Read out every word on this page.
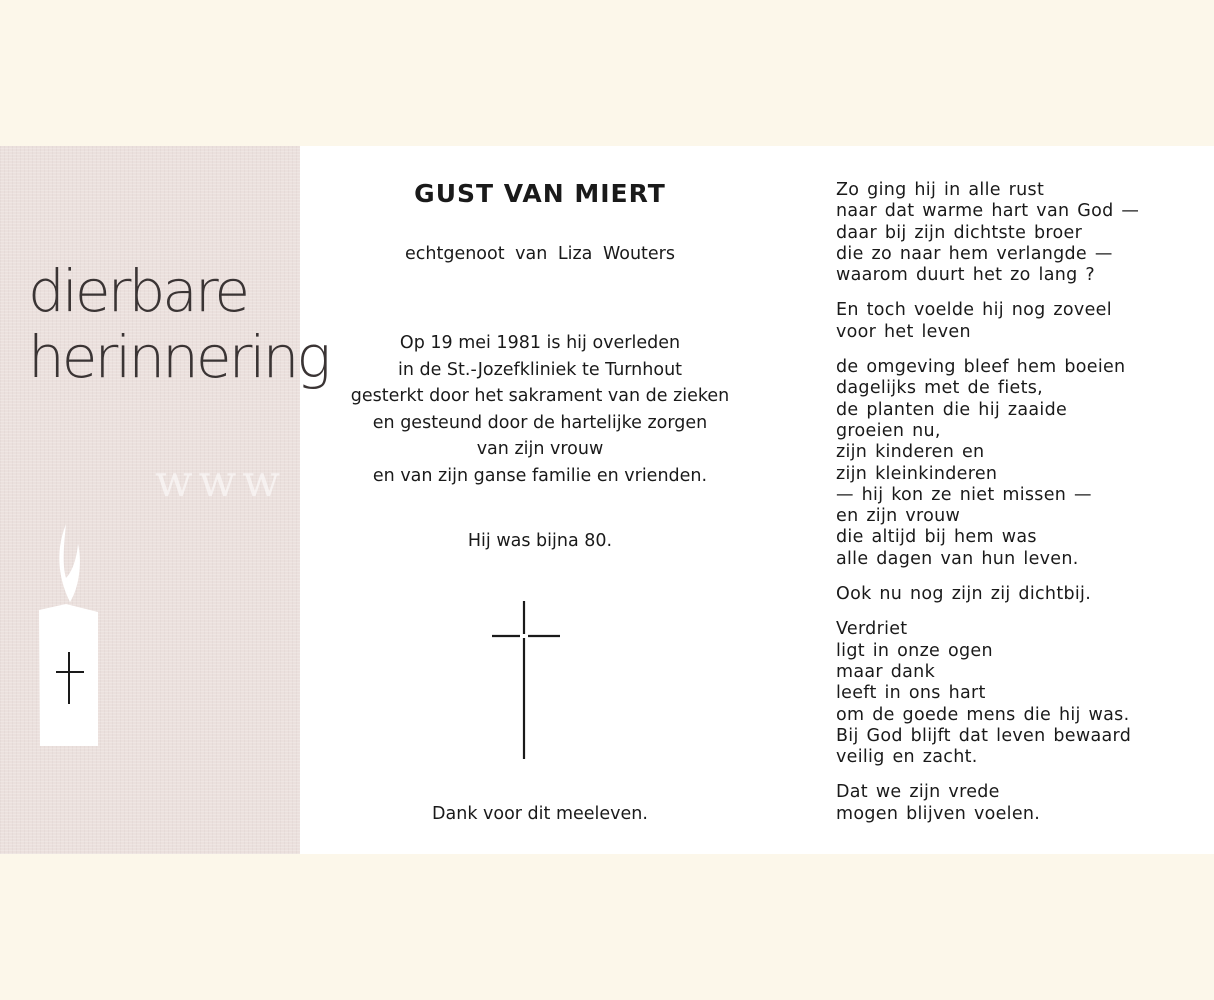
dierbare
herinnering
www
GUST VAN MIERT
echtgenoot van Liza Wouters
Op 19 mei 1981 is hij overleden
in de St.-Jozefkliniek te Turnhout
gesterkt door het sakrament van de zieken
en gesteund door de hartelijke zorgen
van zijn vrouw
en van zijn ganse familie en vrienden.
Hij was bijna 80.
Dank voor dit meeleven.
Zo ging hij in alle rust
naar dat warme hart van God —
daar bij zijn dichtste broer
die zo naar hem verlangde —
waarom duurt het zo lang ?
En toch voelde hij nog zoveel
voor het leven
de omgeving bleef hem boeien
dagelijks met de fiets,
de planten die hij zaaide
groeien nu,
zijn kinderen en
zijn kleinkinderen
— hij kon ze niet missen —
en zijn vrouw
die altijd bij hem was
alle dagen van hun leven.
Ook nu nog zijn zij dichtbij.
Verdriet
ligt in onze ogen
maar dank
leeft in ons hart
om de goede mens die hij was.
Bij God blijft dat leven bewaard
veilig en zacht.
Dat we zijn vrede
mogen blijven voelen.
